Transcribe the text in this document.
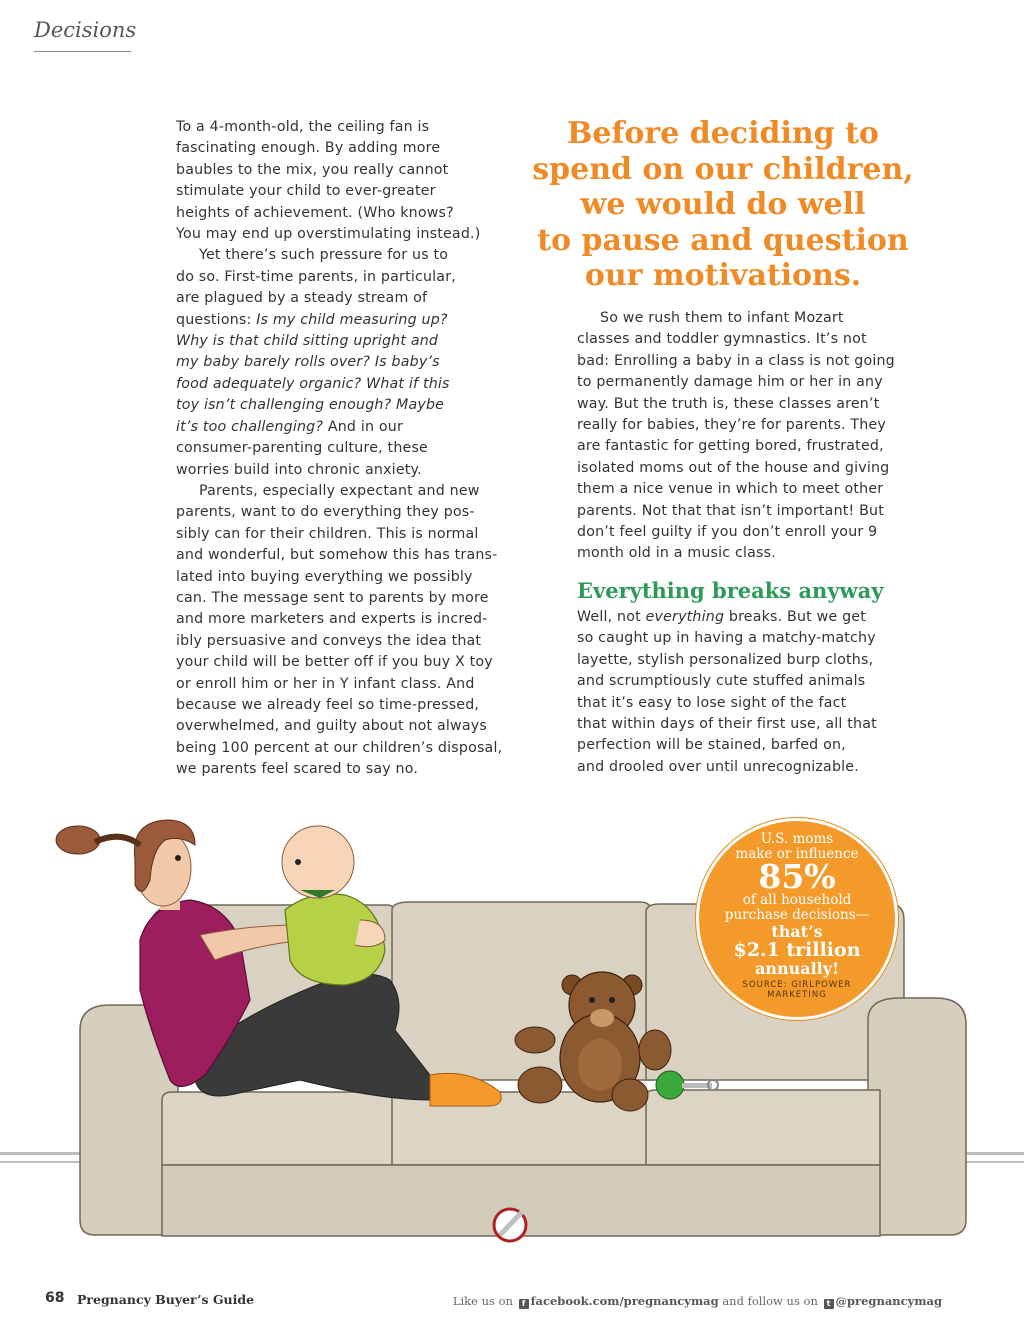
Decisions

To a 4-month-old, the ceiling fan is
fascinating enough. By adding more
baubles to the mix, you really cannot
stimulate your child to ever-greater
heights of achievement. (Who knows?
You may end up overstimulating instead.)

Yet there’s such pressure for us to
do so. First-time parents, in particular,
are plagued by a steady stream of
questions: Is my child measuring up?
Why is that child sitting upright and
my baby barely rolls over? Is baby’s
food adequately organic? What if this
toy isn’t challenging enough? Maybe
it’s too challenging? And in our
consumer-parenting culture, these
worries build into chronic anxiety.

Parents, especially expectant and new
parents, want to do everything they pos-
sibly can for their children. This is normal
and wonderful, but somehow this has trans-
lated into buying everything we possibly
can. The message sent to parents by more
and more marketers and experts is incred-
ibly persuasive and conveys the idea that
your child will be better off if you buy X toy
or enroll him or her in Y infant class. And
because we already feel so time-pressed,
overwhelmed, and guilty about not always
being 100 percent at our children’s disposal,
we parents feel scared to say no.

Before deciding to
spend on our children,
we would do well
to pause and question
our motivations.
So we rush them to infant Mozart
classes and toddler gymnastics. It’s not
bad: Enrolling a baby in a class is not going
to permanently damage him or her in any
way. But the truth is, these classes aren’t
really for babies, they’re for parents. They
are fantastic for getting bored, frustrated,
isolated moms out of the house and giving
them a nice venue in which to meet other
parents. Not that that isn’t important! But
don’t feel guilty if you don’t enroll your 9
month old in a music class.
Everything breaks anyway
Well, not everything breaks. But we get
so caught up in having a matchy-matchy
layette, stylish personalized burp cloths,
and scrumptiously cute stuffed animals
that it’s easy to lose sight of the fact
that within days of their first use, all that
perfection will be stained, barfed on,
and drooled over until unrecognizable.
U.S. moms
make or influence
85%
of all household
purchase decisions—
that’s
$2.1 trillion
annually!
SOURCE: GIRLPOWER
MARKETING
68 Pregnancy Buyer’s Guide	Like us on f facebook.com/pregnancymag and follow us on t @pregnancymag
